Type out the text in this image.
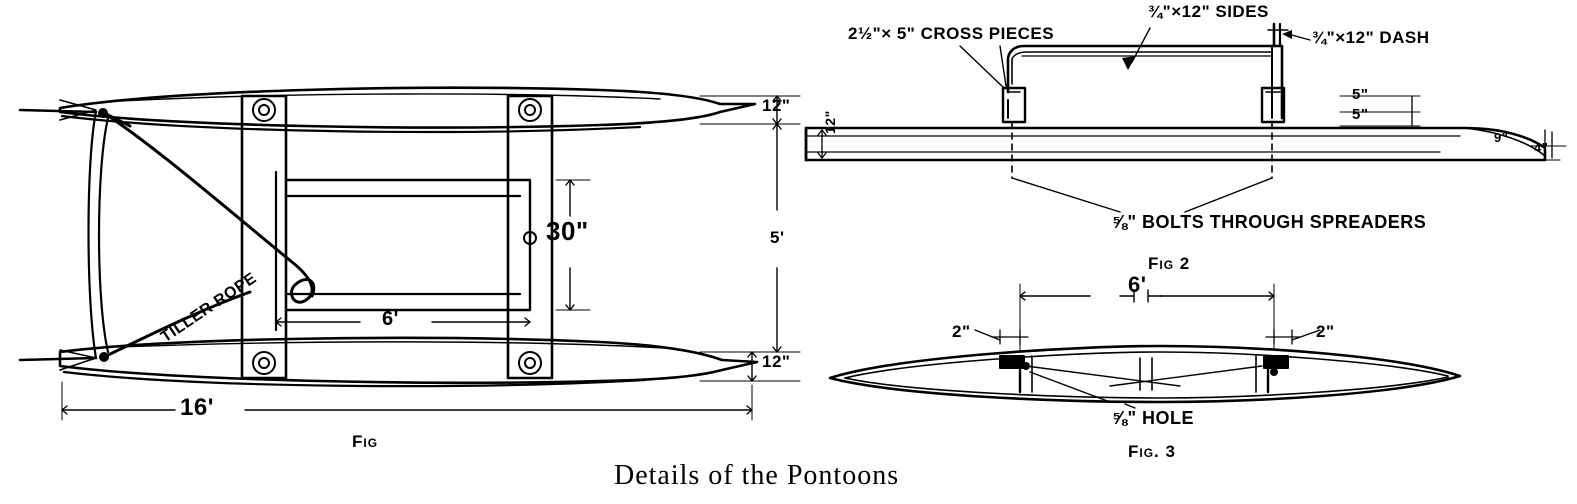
12"
12"
5'
30"
6'
16'
TILLER ROPE
Fig
2½"× 5" CROSS PIECES
¾"×12" SIDES
¾"×12" DASH
⅝" BOLTS THROUGH SPREADERS
5"
5"
12"
9"
4"
Fig 2
6'
2"	2"
⅝" HOLE
Fig. 3
Details of the Pontoons
